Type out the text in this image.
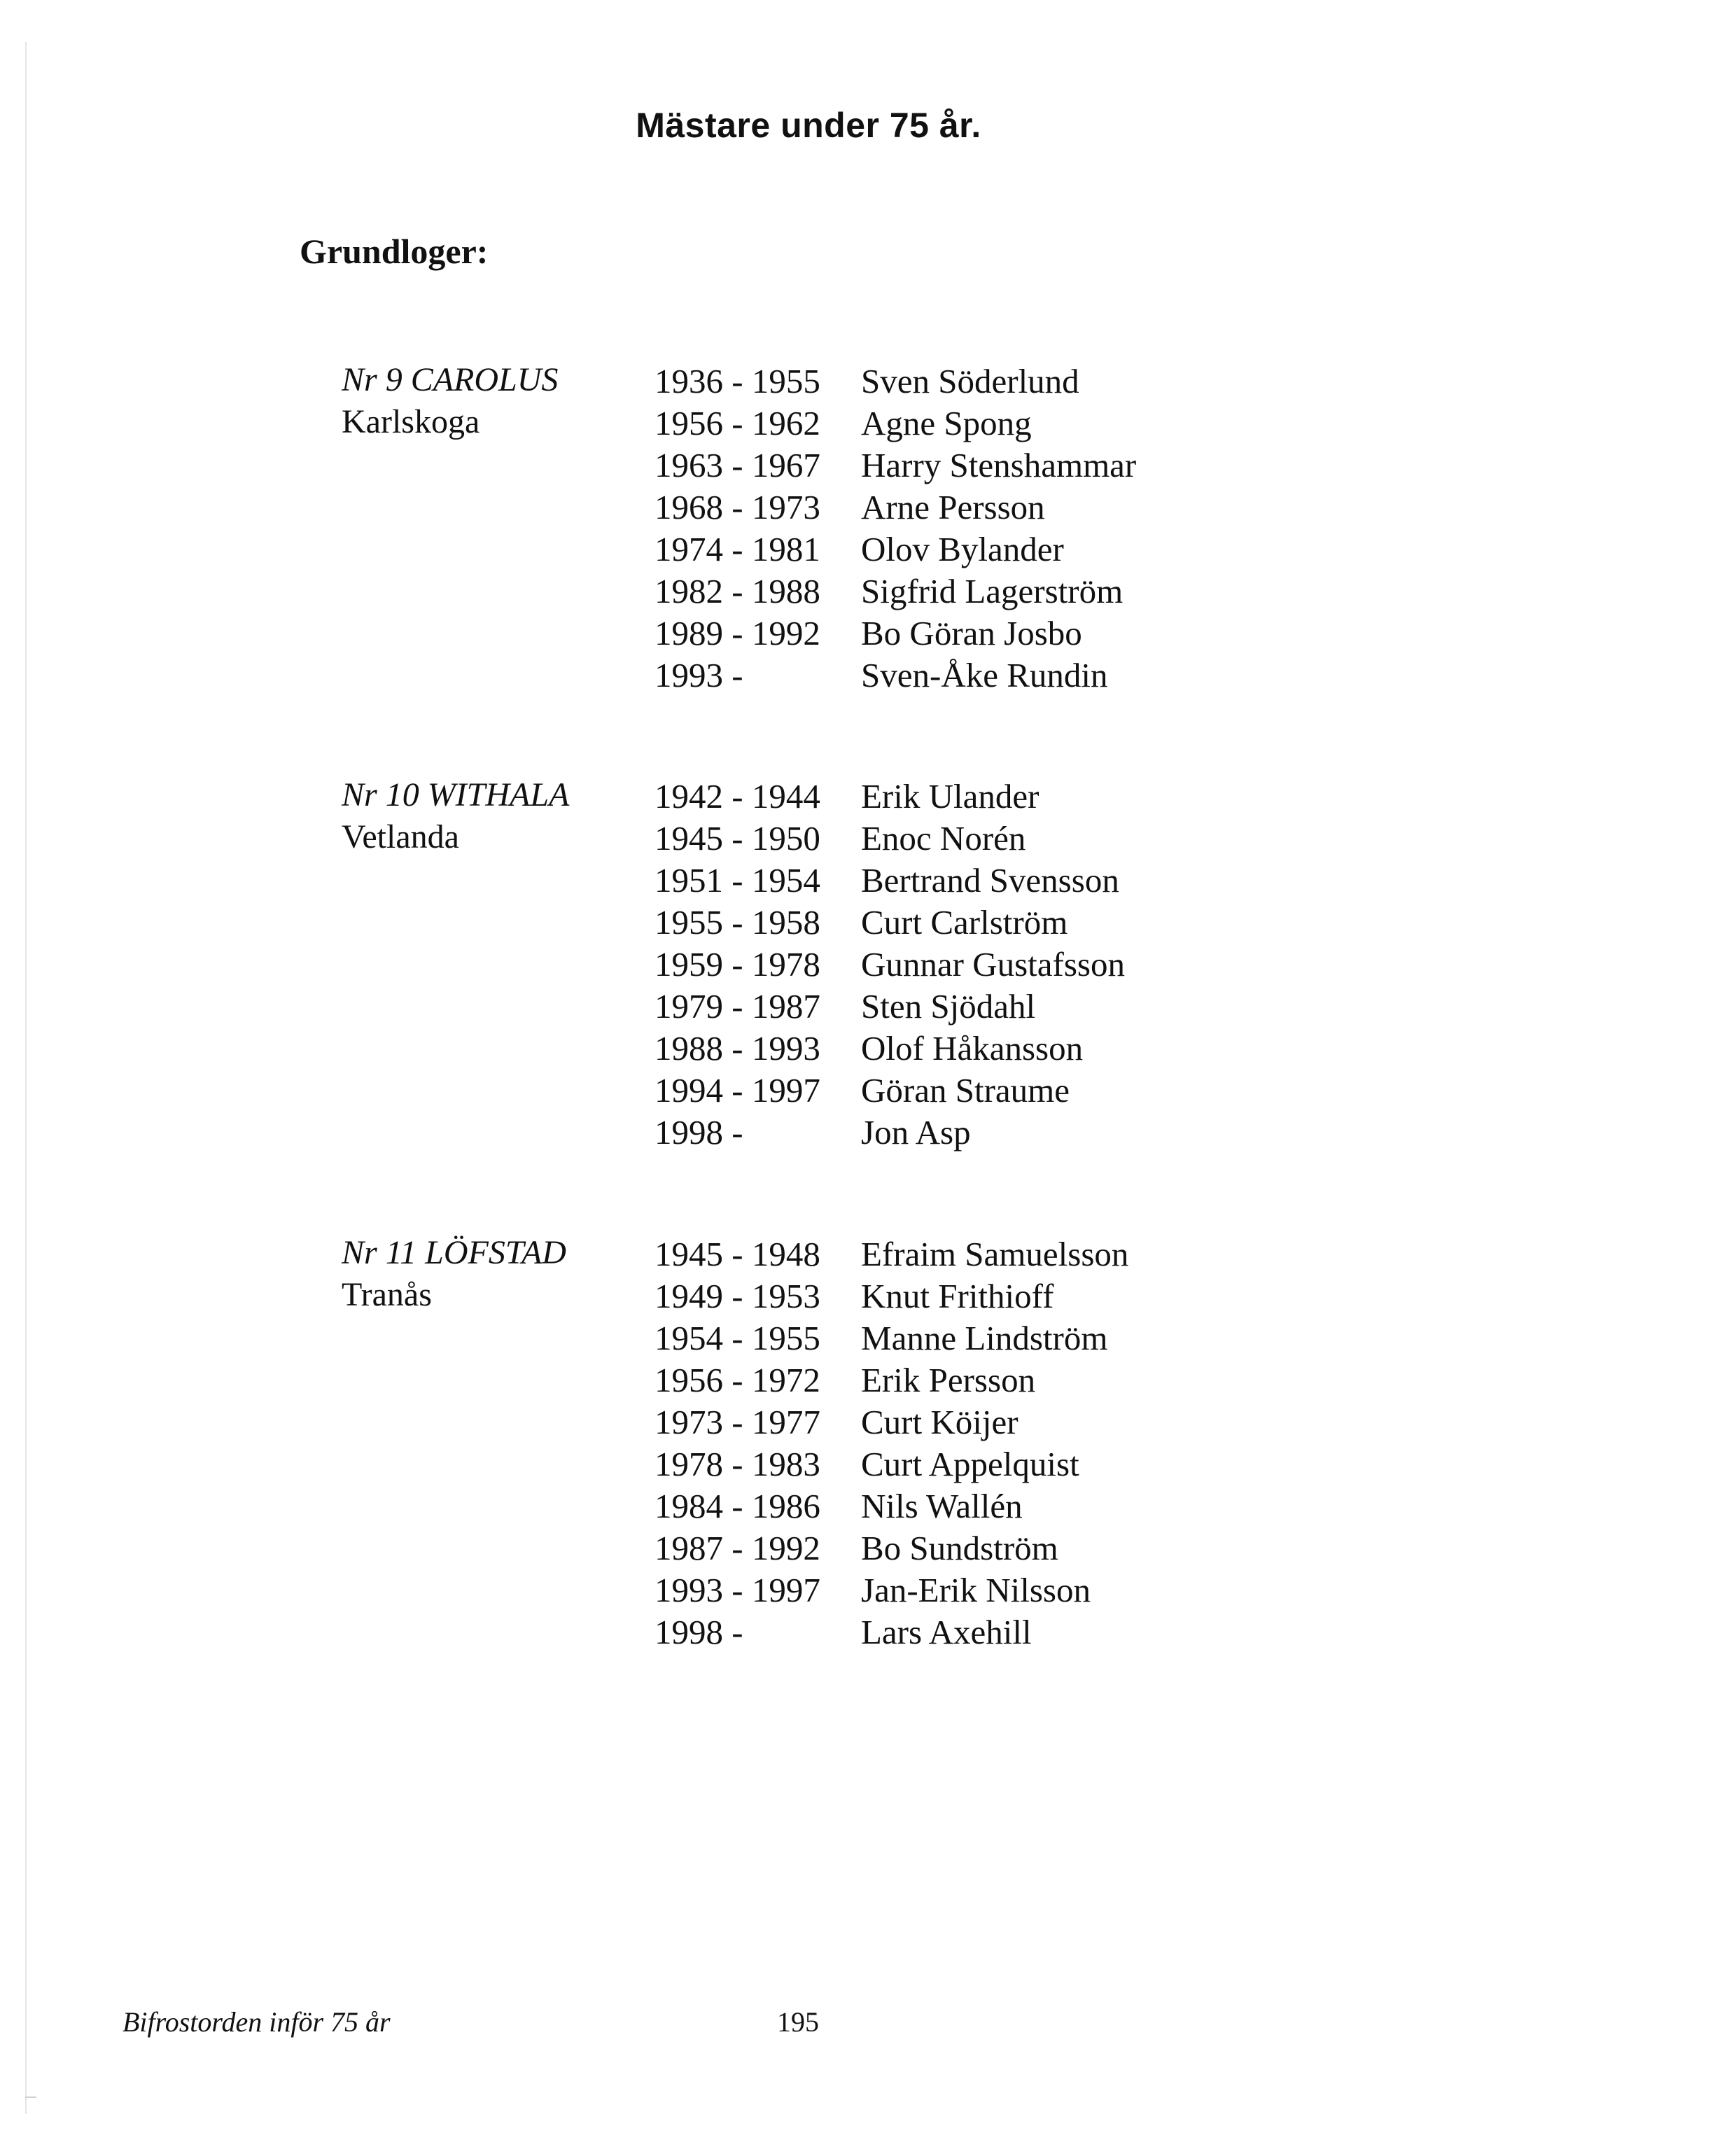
Mästare under 75 år.
Grundloger:
Nr 9 CAROLUS
Karlskoga
1936 - 1955 Sven Söderlund
1956 - 1962 Agne Spong
1963 - 1967 Harry Stenshammar
1968 - 1973 Arne Persson
1974 - 1981 Olov Bylander
1982 - 1988 Sigfrid Lagerström
1989 - 1992 Bo Göran Josbo
1993 -	Sven-Åke Rundin
Nr 10 WITHALA
Vetlanda
1942 - 1944 Erik Ulander
1945 - 1950 Enoc Norén
1951 - 1954 Bertrand Svensson
1955 - 1958 Curt Carlström
1959 - 1978 Gunnar Gustafsson
1979 - 1987 Sten Sjödahl
1988 - 1993 Olof Håkansson
1994 - 1997 Göran Straume
1998 -	Jon Asp
Nr 11 LÖFSTAD
Tranås
1945 - 1948 Efraim Samuelsson
1949 - 1953 Knut Frithioff
1954 - 1955 Manne Lindström
1956 - 1972 Erik Persson
1973 - 1977 Curt Köijer
1978 - 1983 Curt Appelquist
1984 - 1986 Nils Wallén
1987 - 1992 Bo Sundström
1993 - 1997 Jan-Erik Nilsson
1998 -	Lars Axehill
Bifrostorden inför 75 år	195
